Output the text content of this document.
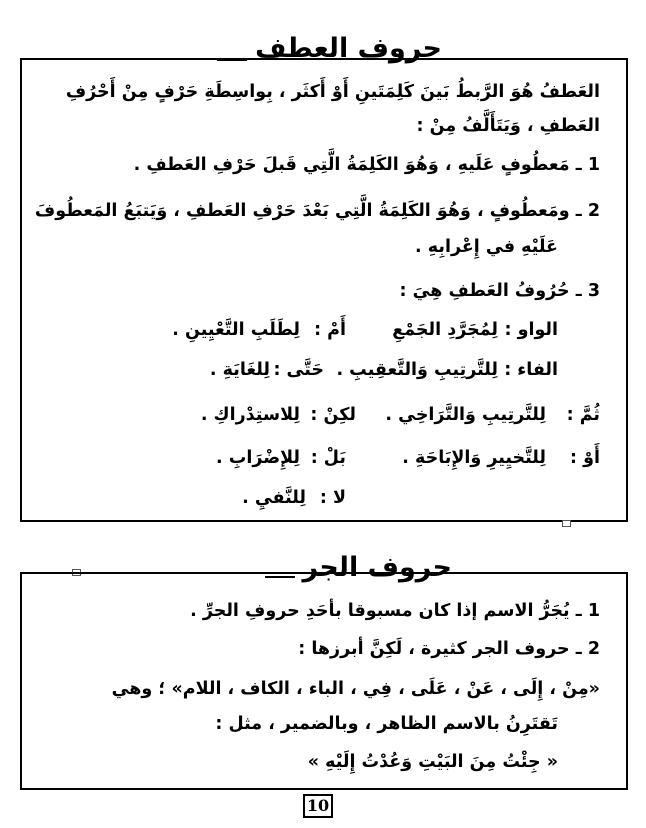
حروف العطف
العَطفُ هُوَ الرَّبطُ بَينَ كَلِمَتَينِ أَوْ أَكثَر ، بِواسِطَةِ حَرْفٍ مِنْ أَحْرُفِ
العَطفِ ، وَيَتَأَلَّفُ مِنْ :
1 ـ مَعطُوفٍ عَلَيهِ ، وَهُوَ الكَلِمَةُ الَّتِي قَبلَ حَرْفِ العَطفِ .
2 ـ ومَعطُوفٍ ، وَهُوَ الكَلِمَةُ الَّتِي بَعْدَ حَرْفِ العَطفِ ، وَيَتبَعُ المَعطُوفَ
عَلَيْهِ في إِعْرابِهِ .
3 ـ حُرُوفُ العَطفِ هِيَ :
الواو :
لِمُجَرَّدِ الجَمْعِ
أَمْ :
لِطَلَبِ التَّعْيِينِ .
الفاء :
لِلتَّرتِيبِ وَالتَّعقِيبِ .
حَتَّى :
لِلغَايَةِ .
ثُمَّ :
لِلتَّرتِيبِ وَالتَّرَاخِي .
لكِنْ :
لِلاستِدْراكِ .
أَوْ :
لِلتَّخيِيرِ وَالإِبَاحَةِ .
بَلْ :
لِلإِضْرَابِ .
لا :
لِلنَّفيِ .
حروف الجر
1 ـ يُجَرُّ الاسم إذا كان مسبوقا بأحَدِ حروفِ الجرِّ .
2 ـ حروف الجر كثيرة ، لَكِنَّ أبرزها :
«مِنْ ، إِلَى ، عَنْ ، عَلَى ، فِي ، الباء ، الكاف ، اللام» ؛ وهي
تَقتَرِنُ بالاسم الظاهر ، وبالضمير ، مثل :
« جِئْتُ مِنَ البَيْتِ وَعُدْتُ إِلَيْهِ »
10
